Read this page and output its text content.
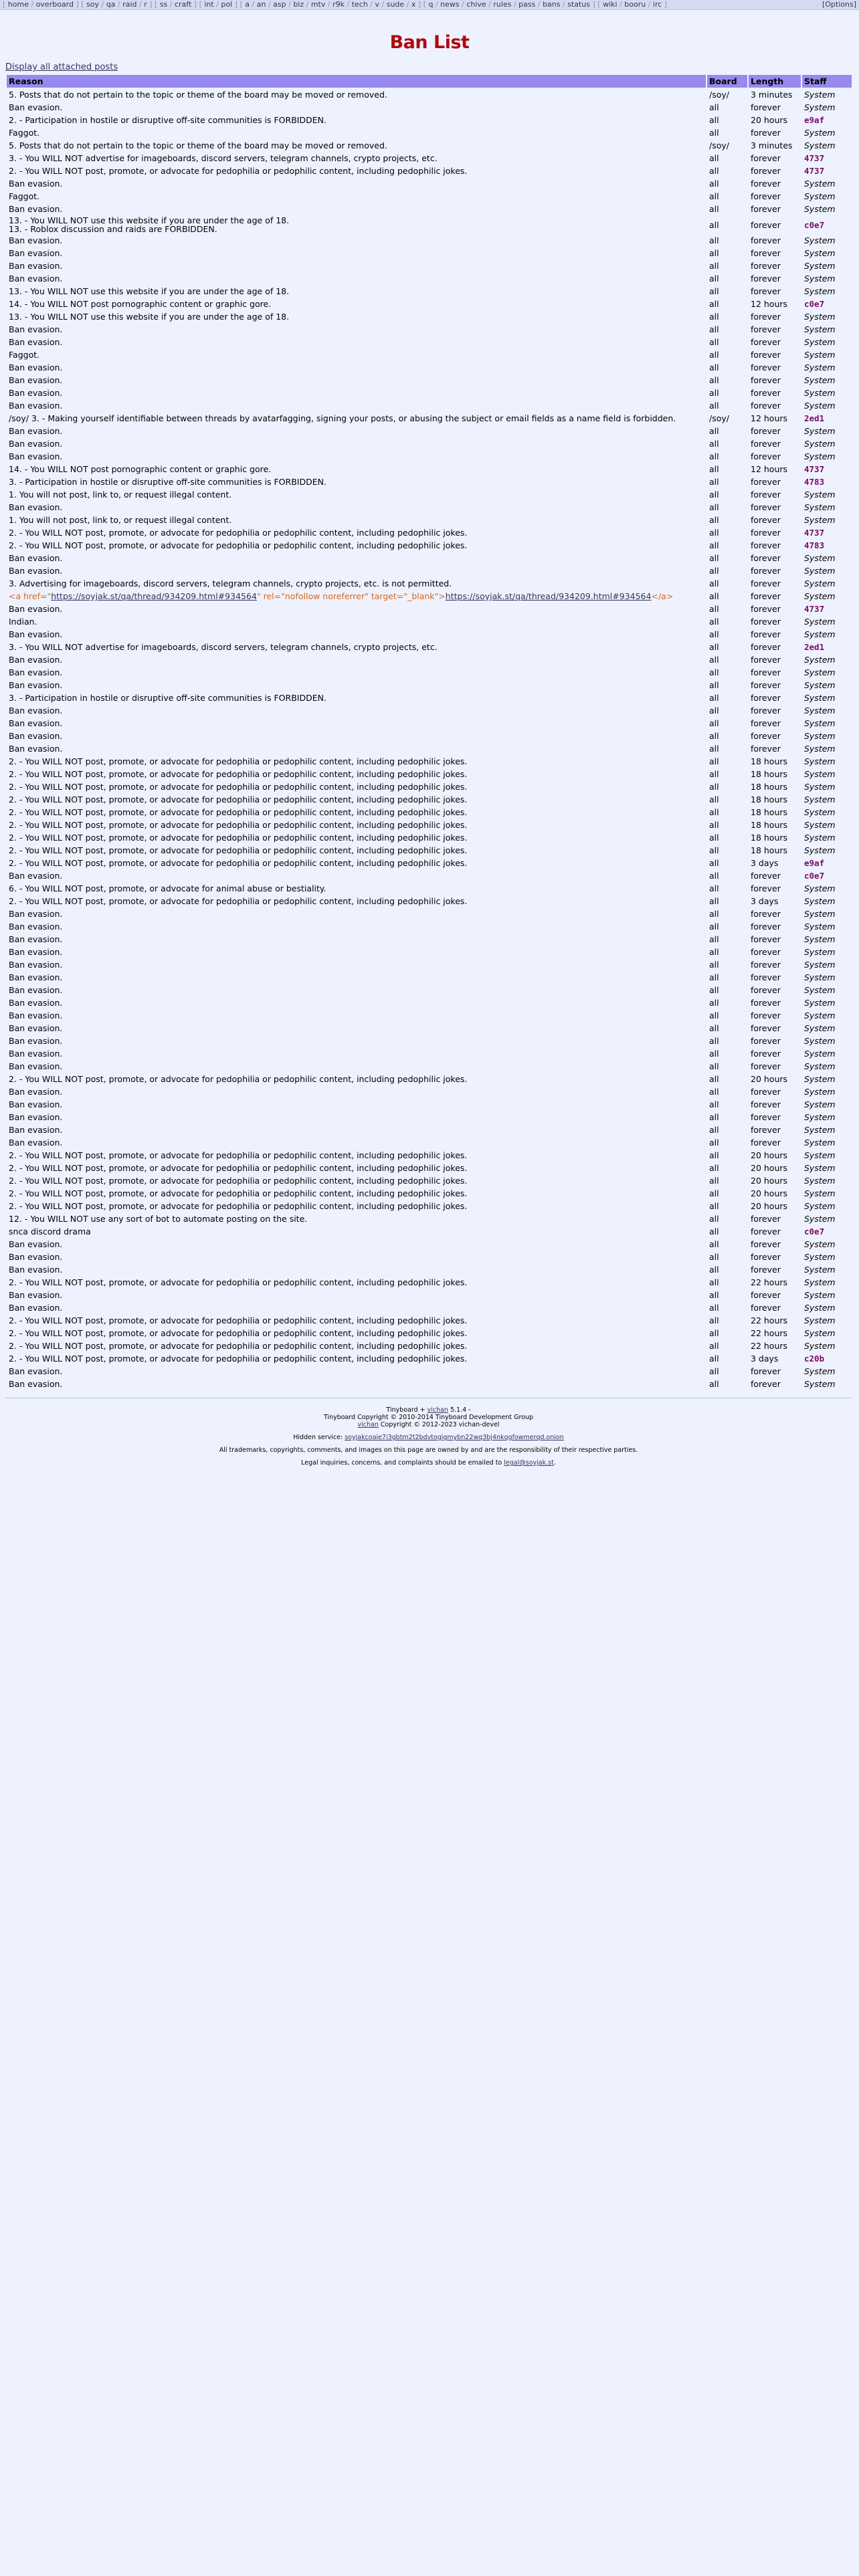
[ home / overboard ] [ soy / qa / raid / r ] [ ss / craft ] [ int / pol ] [ a / an / asp / biz / mtv / r9k / tech / v / sude / x ] [ q / news / chive / rules / pass / bans / status ] [ wiki / booru / irc ]	[Options]
Ban List
Display all attached posts
Reason	Board	Length	Staff
5. Posts that do not pertain to the topic or theme of the board may be moved or removed.	/soy/	3 minutes	System
Ban evasion.	all	forever	System
2. - Participation in hostile or disruptive off-site communities is FORBIDDEN.	all	20 hours	e9af
Faggot.	all	forever	System
5. Posts that do not pertain to the topic or theme of the board may be moved or removed.	/soy/	3 minutes	System
3. - You WILL NOT advertise for imageboards, discord servers, telegram channels, crypto projects, etc.	all	forever	4737
2. - You WILL NOT post, promote, or advocate for pedophilia or pedophilic content, including pedophilic jokes.	all	forever	4737
Ban evasion.	all	forever	System
Faggot.	all	forever	System
Ban evasion.	all	forever	System
13. - You WILL NOT use this website if you are under the age of 18.
13. - Roblox discussion and raids are FORBIDDEN.	all	forever	c0e7
Ban evasion.	all	forever	System
Ban evasion.	all	forever	System
Ban evasion.	all	forever	System
Ban evasion.	all	forever	System
13. - You WILL NOT use this website if you are under the age of 18.	all	forever	System
14. - You WILL NOT post pornographic content or graphic gore.	all	12 hours	c0e7
13. - You WILL NOT use this website if you are under the age of 18.	all	forever	System
Ban evasion.	all	forever	System
Ban evasion.	all	forever	System
Faggot.	all	forever	System
Ban evasion.	all	forever	System
Ban evasion.	all	forever	System
Ban evasion.	all	forever	System
Ban evasion.	all	forever	System
/soy/ 3. - Making yourself identifiable between threads by avatarfagging, signing your posts, or abusing the subject or email fields as a name field is forbidden.	/soy/	12 hours	2ed1
Ban evasion.	all	forever	System
Ban evasion.	all	forever	System
Ban evasion.	all	forever	System
14. - You WILL NOT post pornographic content or graphic gore.	all	12 hours	4737
3. - Participation in hostile or disruptive off-site communities is FORBIDDEN.	all	forever	4783
1. You will not post, link to, or request illegal content.	all	forever	System
Ban evasion.	all	forever	System
1. You will not post, link to, or request illegal content.	all	forever	System
2. - You WILL NOT post, promote, or advocate for pedophilia or pedophilic content, including pedophilic jokes.	all	forever	4737
2. - You WILL NOT post, promote, or advocate for pedophilia or pedophilic content, including pedophilic jokes.	all	forever	4783
Ban evasion.	all	forever	System
Ban evasion.	all	forever	System
3. Advertising for imageboards, discord servers, telegram channels, crypto projects, etc. is not permitted.	all	forever	System
<a href="https://soyjak.st/qa/thread/934209.html#934564" rel="nofollow noreferrer" target="_blank">https://soyjak.st/qa/thread/934209.html#934564</a>	all	forever	System
Ban evasion.	all	forever	4737
Indian.	all	forever	System
Ban evasion.	all	forever	System
3. - You WILL NOT advertise for imageboards, discord servers, telegram channels, crypto projects, etc.	all	forever	2ed1
Ban evasion.	all	forever	System
Ban evasion.	all	forever	System
Ban evasion.	all	forever	System
3. - Participation in hostile or disruptive off-site communities is FORBIDDEN.	all	forever	System
Ban evasion.	all	forever	System
Ban evasion.	all	forever	System
Ban evasion.	all	forever	System
Ban evasion.	all	forever	System
2. - You WILL NOT post, promote, or advocate for pedophilia or pedophilic content, including pedophilic jokes.	all	18 hours	System
2. - You WILL NOT post, promote, or advocate for pedophilia or pedophilic content, including pedophilic jokes.	all	18 hours	System
2. - You WILL NOT post, promote, or advocate for pedophilia or pedophilic content, including pedophilic jokes.	all	18 hours	System
2. - You WILL NOT post, promote, or advocate for pedophilia or pedophilic content, including pedophilic jokes.	all	18 hours	System
2. - You WILL NOT post, promote, or advocate for pedophilia or pedophilic content, including pedophilic jokes.	all	18 hours	System
2. - You WILL NOT post, promote, or advocate for pedophilia or pedophilic content, including pedophilic jokes.	all	18 hours	System
2. - You WILL NOT post, promote, or advocate for pedophilia or pedophilic content, including pedophilic jokes.	all	18 hours	System
2. - You WILL NOT post, promote, or advocate for pedophilia or pedophilic content, including pedophilic jokes.	all	18 hours	System
2. - You WILL NOT post, promote, or advocate for pedophilia or pedophilic content, including pedophilic jokes.	all	3 days	e9af
Ban evasion.	all	forever	c0e7
6. - You WILL NOT post, promote, or advocate for animal abuse or bestiality.	all	forever	System
2. - You WILL NOT post, promote, or advocate for pedophilia or pedophilic content, including pedophilic jokes.	all	3 days	System
Ban evasion.	all	forever	System
Ban evasion.	all	forever	System
Ban evasion.	all	forever	System
Ban evasion.	all	forever	System
Ban evasion.	all	forever	System
Ban evasion.	all	forever	System
Ban evasion.	all	forever	System
Ban evasion.	all	forever	System
Ban evasion.	all	forever	System
Ban evasion.	all	forever	System
Ban evasion.	all	forever	System
Ban evasion.	all	forever	System
Ban evasion.	all	forever	System
2. - You WILL NOT post, promote, or advocate for pedophilia or pedophilic content, including pedophilic jokes.	all	20 hours	System
Ban evasion.	all	forever	System
Ban evasion.	all	forever	System
Ban evasion.	all	forever	System
Ban evasion.	all	forever	System
Ban evasion.	all	forever	System
2. - You WILL NOT post, promote, or advocate for pedophilia or pedophilic content, including pedophilic jokes.	all	20 hours	System
2. - You WILL NOT post, promote, or advocate for pedophilia or pedophilic content, including pedophilic jokes.	all	20 hours	System
2. - You WILL NOT post, promote, or advocate for pedophilia or pedophilic content, including pedophilic jokes.	all	20 hours	System
2. - You WILL NOT post, promote, or advocate for pedophilia or pedophilic content, including pedophilic jokes.	all	20 hours	System
2. - You WILL NOT post, promote, or advocate for pedophilia or pedophilic content, including pedophilic jokes.	all	20 hours	System
12. - You WILL NOT use any sort of bot to automate posting on the site.	all	forever	System
snca discord drama	all	forever	c0e7
Ban evasion.	all	forever	System
Ban evasion.	all	forever	System
Ban evasion.	all	forever	System
2. - You WILL NOT post, promote, or advocate for pedophilia or pedophilic content, including pedophilic jokes.	all	22 hours	System
Ban evasion.	all	forever	System
Ban evasion.	all	forever	System
2. - You WILL NOT post, promote, or advocate for pedophilia or pedophilic content, including pedophilic jokes.	all	22 hours	System
2. - You WILL NOT post, promote, or advocate for pedophilia or pedophilic content, including pedophilic jokes.	all	22 hours	System
2. - You WILL NOT post, promote, or advocate for pedophilia or pedophilic content, including pedophilic jokes.	all	22 hours	System
2. - You WILL NOT post, promote, or advocate for pedophilia or pedophilic content, including pedophilic jokes.	all	3 days	c20b
Ban evasion.	all	forever	System
Ban evasion.	all	forever	System

Tinyboard + vichan 5.1.4 -
Tinyboard Copyright © 2010-2014 Tinyboard Development Group
vichan Copyright © 2012-2023 vichan-devel

Hidden service: soyjakcoaie7i3gbtm2t2bdvtogigmybn22wq3bj4nkqgfowmerqd.onion

All trademarks, copyrights, comments, and images on this page are owned by and are the responsibility of their respective parties.

Legal inquiries, concerns, and complaints should be emailed to legal@soyjak.st.
